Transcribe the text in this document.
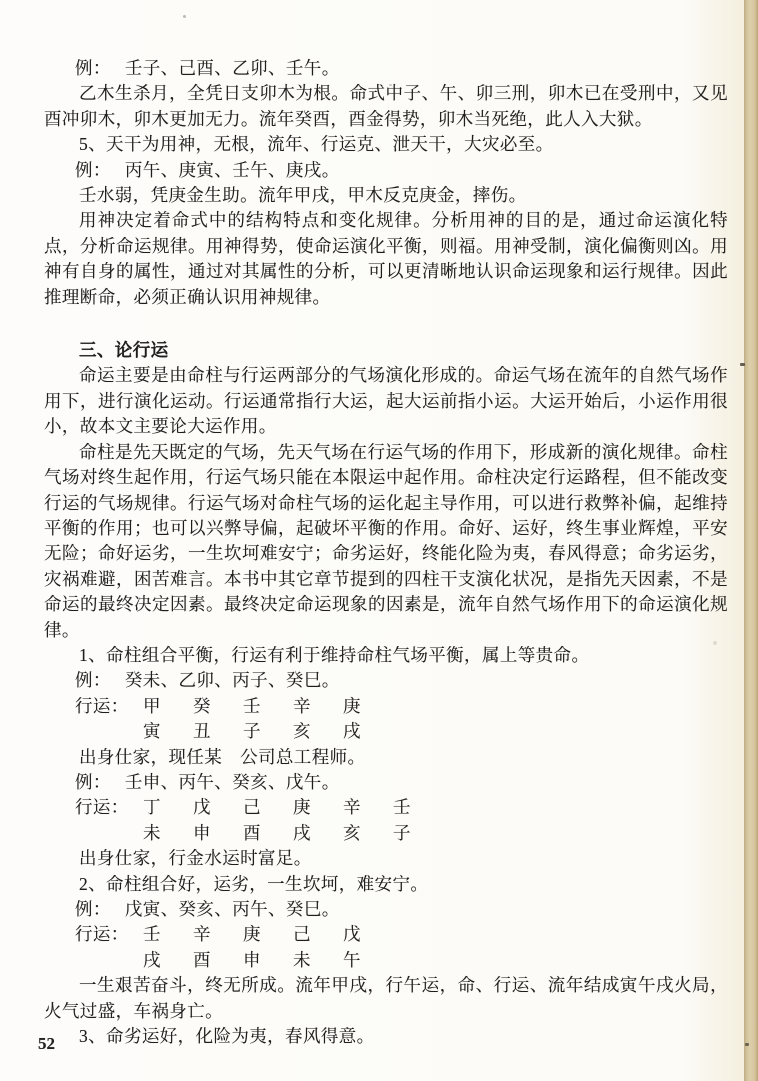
例： 壬子、己酉、乙卯、壬午。

乙木生杀月，全凭日支卯木为根。命式中子、午、卯三刑，卯木已在受刑中，又见酉冲卯木，卯木更加无力。流年癸酉，酉金得势，卯木当死绝，此人入大狱。

5、天干为用神，无根，流年、行运克、泄天干，大灾必至。

例： 丙午、庚寅、壬午、庚戌。

壬水弱，凭庚金生助。流年甲戌，甲木反克庚金，摔伤。

用神决定着命式中的结构特点和变化规律。分析用神的目的是，通过命运演化特点，分析命运规律。用神得势，使命运演化平衡，则福。用神受制，演化偏衡则凶。用神有自身的属性，通过对其属性的分析，可以更清晰地认识命运现象和运行规律。因此推理断命，必须正确认识用神规律。

三、论行运

命运主要是由命柱与行运两部分的气场演化形成的。命运气场在流年的自然气场作用下，进行演化运动。行运通常指行大运，起大运前指小运。大运开始后，小运作用很小，故本文主要论大运作用。

命柱是先天既定的气场，先天气场在行运气场的作用下，形成新的演化规律。命柱气场对终生起作用，行运气场只能在本限运中起作用。命柱决定行运路程，但不能改变行运的气场规律。行运气场对命柱气场的运化起主导作用，可以进行救弊补偏，起维持平衡的作用；也可以兴弊导偏，起破坏平衡的作用。命好、运好，终生事业辉煌，平安无险；命好运劣，一生坎坷难安宁；命劣运好，终能化险为夷，春风得意；命劣运劣，灾祸难避，困苦难言。本书中其它章节提到的四柱干支演化状况，是指先天因素，不是命运的最终决定因素。最终决定命运现象的因素是，流年自然气场作用下的命运演化规律。

1、命柱组合平衡，行运有利于维持命柱气场平衡，属上等贵命。

例： 癸未、乙卯、丙子、癸巳。
行运： 甲	癸	壬	辛	庚
寅	丑	子	亥	戌

出身仕家，现任某　公司总工程师。

例： 壬申、丙午、癸亥、戊午。
行运： 丁	戊	己	庚	辛	壬
未	申	酉	戌	亥	子

出身仕家，行金水运时富足。

2、命柱组合好，运劣，一生坎坷，难安宁。

例： 戊寅、癸亥、丙午、癸巳。
行运： 壬	辛	庚	己	戊
戌	酉	申	未	午

一生艰苦奋斗，终无所成。流年甲戌，行午运，命、行运、流年结成寅午戌火局，火气过盛，车祸身亡。

3、命劣运好，化险为夷，春风得意。

52
